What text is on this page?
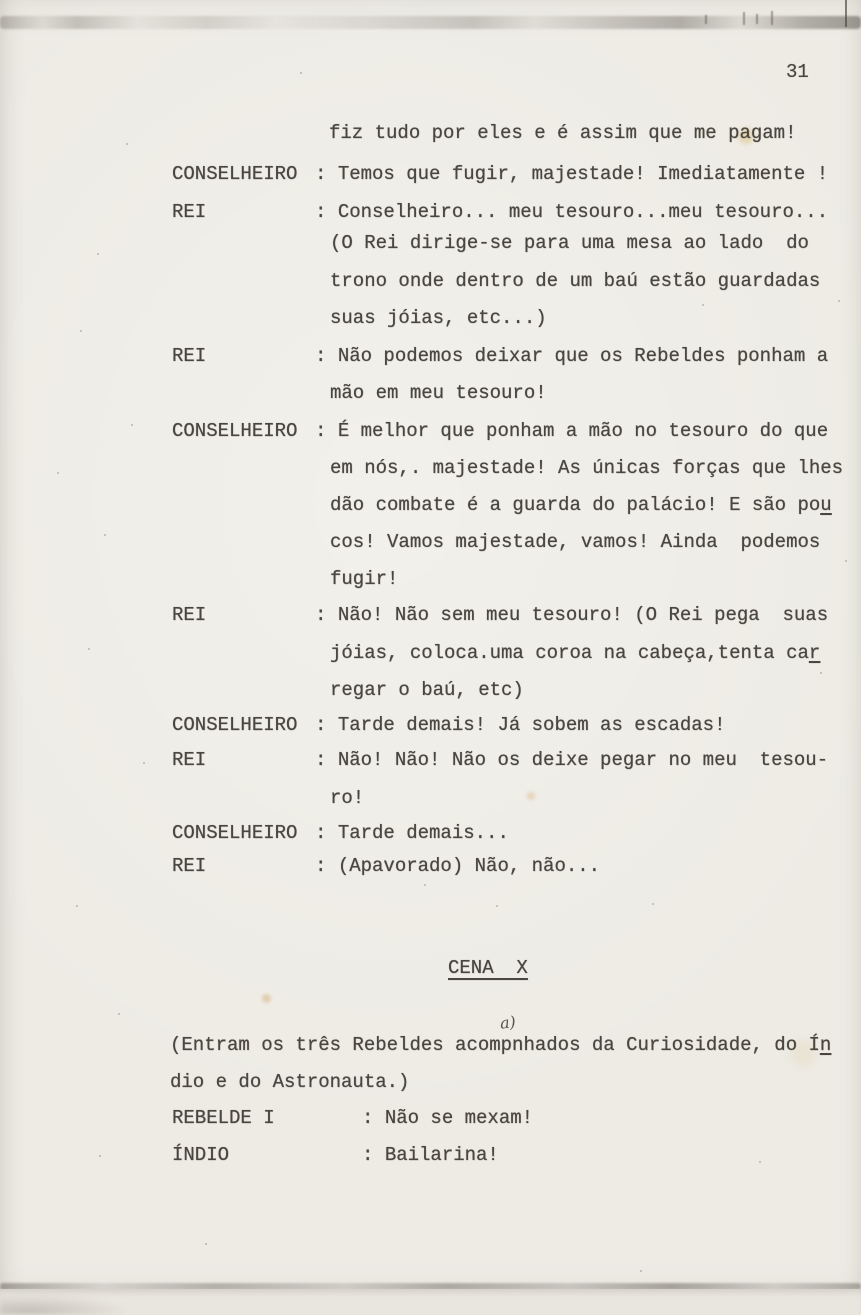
31
fiz tudo por eles e é assim que me pagam!
CONSELHEIRO : Temos que fugir, majestade! Imediatamente !
REI	: Conselheiro... meu tesouro...meu tesouro...
(O Rei dirige-se para uma mesa ao lado  do
trono onde dentro de um baú estão guardadas
suas jóias, etc...)
REI	: Não podemos deixar que os Rebeldes ponham a
mão em meu tesouro!
CONSELHEIRO : É melhor que ponham a mão no tesouro do que
em nós,. majestade! As únicas forças que lhes
dão combate é a guarda do palácio! E são pou
cos! Vamos majestade, vamos! Ainda  podemos
fugir!
REI	: Não! Não sem meu tesouro! (O Rei pega  suas
jóias, coloca.uma coroa na cabeça,tenta car
regar o baú, etc)
CONSELHEIRO : Tarde demais! Já sobem as escadas!
REI	: Não! Não! Não os deixe pegar no meu  tesou-
ro!
CONSELHEIRO : Tarde demais...
REI	: (Apavorado) Não, não...
CENA  X
(Entram os três Rebeldes acompnhados da Curiosidade, do Ín
a)
dio e do Astronauta.)
REBELDE I	: Não se mexam!
ÍNDIO	: Bailarina!
